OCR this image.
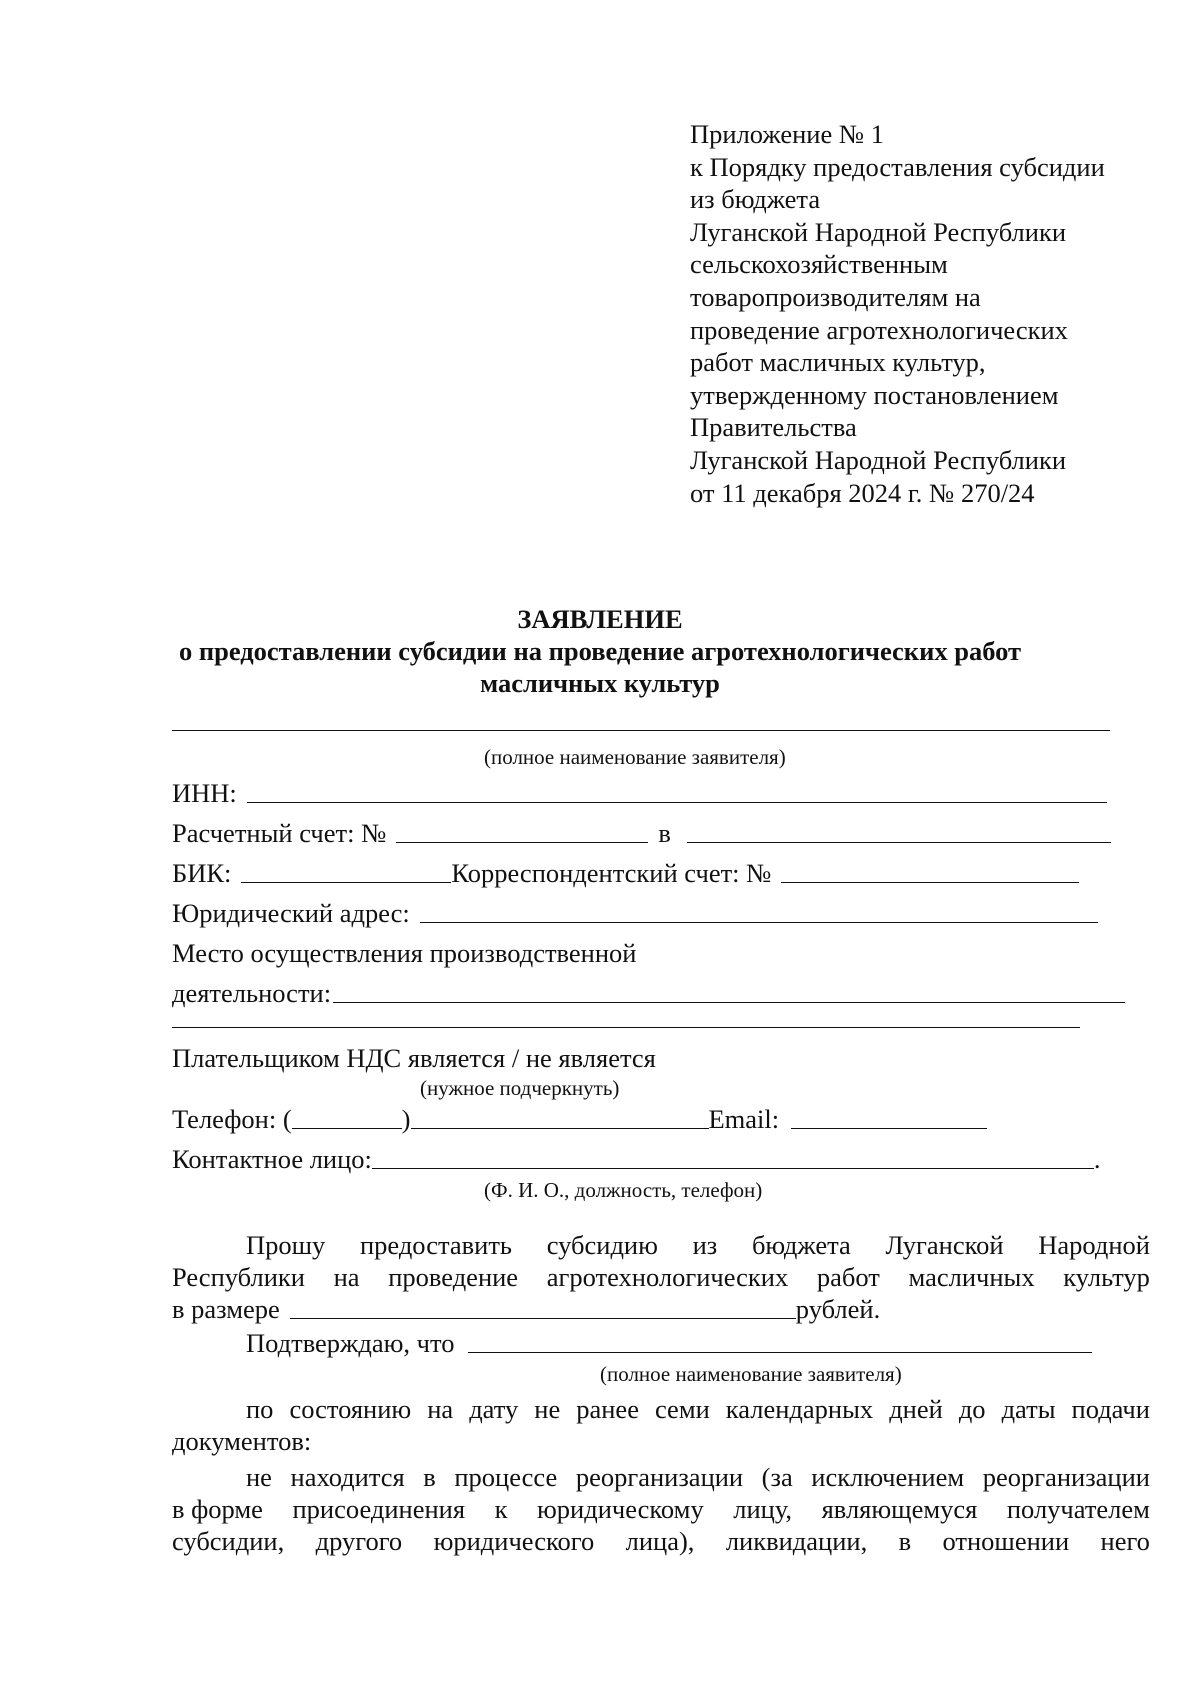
Приложение № 1
к Порядку предоставления субсидии
из бюджета
Луганской Народной Республики
сельскохозяйственным
товаропроизводителям на
проведение агротехнологических
работ масличных культур,
утвержденному постановлением
Правительства
Луганской Народной Республики
от 11 декабря 2024 г. № 270/24
ЗАЯВЛЕНИЕ
о предоставлении субсидии на проведение агротехнологических работ
масличных культур
(полное наименование заявителя)
ИНН:
Расчетный счет: №	в
БИК:	Корреспондентский счет: №
Юридический адрес:
Место осуществления производственной
деятельности:
Плательщиком НДС является / не является
(нужное подчеркнуть)
Телефон: (	)	Email:
Контактное лицо:	.
(Ф. И. О., должность, телефон)
Прошу предоставить субсидию из бюджета Луганской Народной
Республики на проведение агротехнологических работ масличных культур
в размере	рублей.
Подтверждаю, что
(полное наименование заявителя)
по состоянию на дату не ранее семи календарных дней до даты подачи
документов:
не находится в процессе реорганизации (за исключением реорганизации
в форме присоединения к юридическому лицу, являющемуся получателем
субсидии, другого юридического лица), ликвидации, в отношении него
